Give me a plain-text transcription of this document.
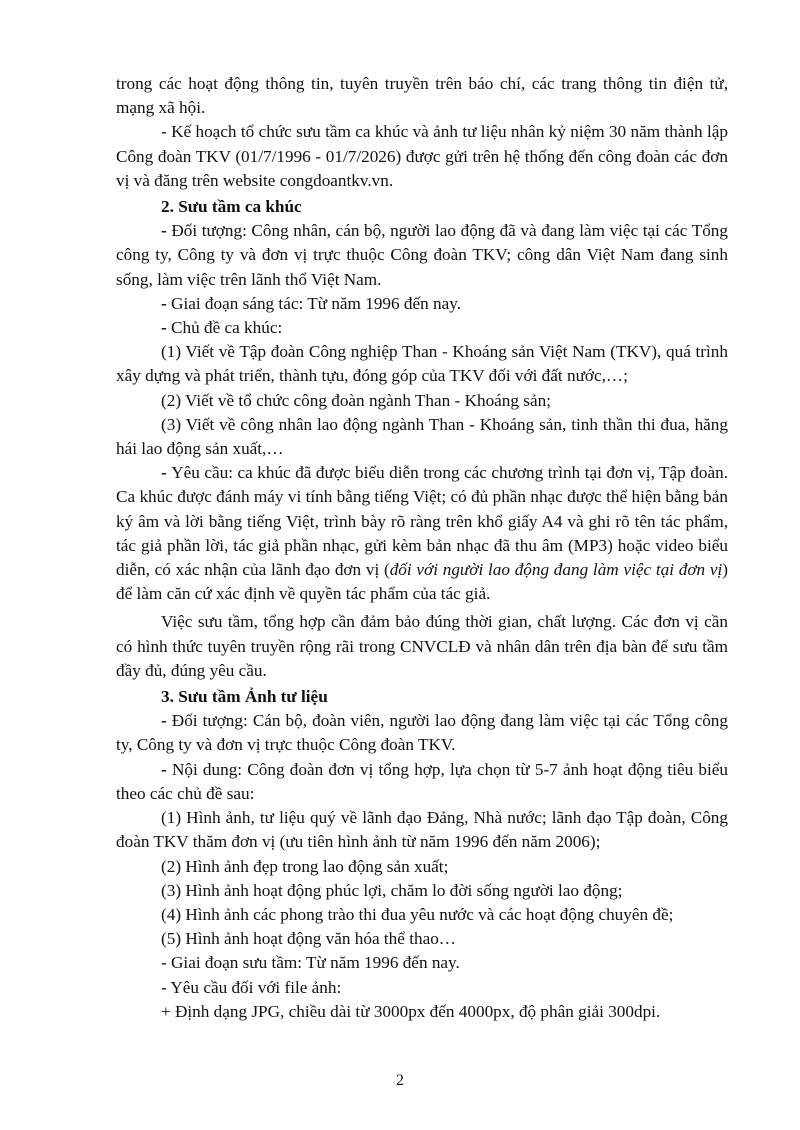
trong các hoạt động thông tin, tuyên truyền trên báo chí, các trang thông tin điện tử, mạng xã hội.

- Kế hoạch tổ chức sưu tầm ca khúc và ảnh tư liệu nhân kỷ niệm 30 năm thành lập Công đoàn TKV (01/7/1996 - 01/7/2026) được gửi trên hệ thống đến công đoàn các đơn vị và đăng trên website congdoantkv.vn.

2. Sưu tầm ca khúc

- Đối tượng: Công nhân, cán bộ, người lao động đã và đang làm việc tại các Tổng công ty, Công ty và đơn vị trực thuộc Công đoàn TKV; công dân Việt Nam đang sinh sống, làm việc trên lãnh thổ Việt Nam.

- Giai đoạn sáng tác: Từ năm 1996 đến nay.

- Chủ đề ca khúc:

(1) Viết về Tập đoàn Công nghiệp Than - Khoáng sản Việt Nam (TKV), quá trình xây dựng và phát triển, thành tựu, đóng góp của TKV đối với đất nước,…;

(2) Viết về tổ chức công đoàn ngành Than - Khoáng sản;

(3) Viết về công nhân lao động ngành Than - Khoáng sản, tinh thần thi đua, hăng hái lao động sản xuất,…

- Yêu cầu: ca khúc đã được biểu diễn trong các chương trình tại đơn vị, Tập đoàn. Ca khúc được đánh máy vi tính bằng tiếng Việt; có đủ phần nhạc được thể hiện bằng bản ký âm và lời bằng tiếng Việt, trình bày rõ ràng trên khổ giấy A4 và ghi rõ tên tác phẩm, tác giả phần lời, tác giả phần nhạc, gửi kèm bản nhạc đã thu âm (MP3) hoặc video biểu diễn, có xác nhận của lãnh đạo đơn vị (đối với người lao động đang làm việc tại đơn vị) để làm căn cứ xác định về quyền tác phẩm của tác giả.

Việc sưu tầm, tổng hợp cần đảm bảo đúng thời gian, chất lượng. Các đơn vị cần có hình thức tuyên truyền rộng rãi trong CNVCLĐ và nhân dân trên địa bàn để sưu tầm đầy đủ, đúng yêu cầu.

3. Sưu tầm Ảnh tư liệu

- Đối tượng: Cán bộ, đoàn viên, người lao động đang làm việc tại các Tổng công ty, Công ty và đơn vị trực thuộc Công đoàn TKV.

- Nội dung: Công đoàn đơn vị tổng hợp, lựa chọn từ 5-7 ảnh hoạt động tiêu biểu theo các chủ đề sau:

(1) Hình ảnh, tư liệu quý về lãnh đạo Đảng, Nhà nước; lãnh đạo Tập đoàn, Công đoàn TKV thăm đơn vị (ưu tiên hình ảnh từ năm 1996 đến năm 2006);

(2) Hình ảnh đẹp trong lao động sản xuất;

(3) Hình ảnh hoạt động phúc lợi, chăm lo đời sống người lao động;

(4) Hình ảnh các phong trào thi đua yêu nước và các hoạt động chuyên đề;

(5) Hình ảnh hoạt động văn hóa thể thao…

- Giai đoạn sưu tầm: Từ năm 1996 đến nay.

- Yêu cầu đối với file ảnh:

+ Định dạng JPG, chiều dài từ 3000px đến 4000px, độ phân giải 300dpi.

2
